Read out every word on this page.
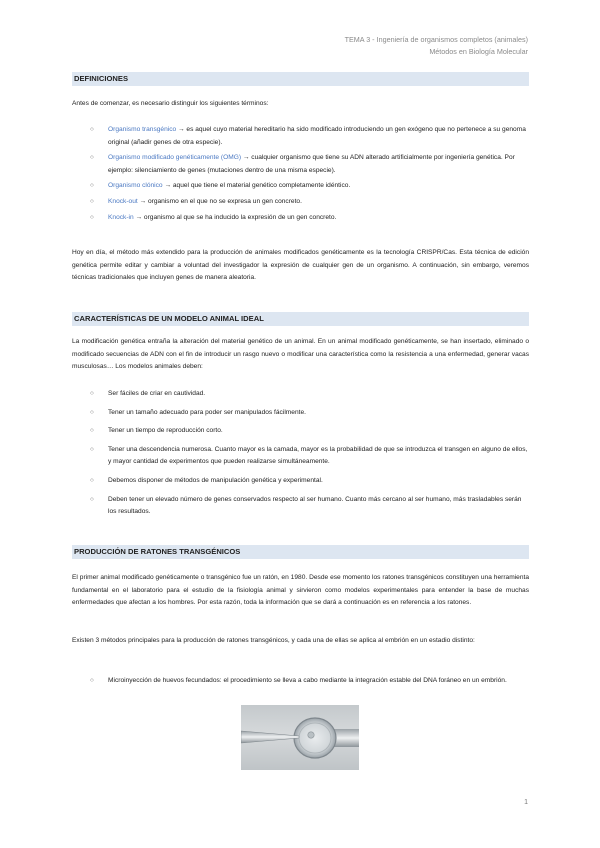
TEMA 3 - Ingeniería de organismos completos (animales)
Métodos en Biología Molecular
DEFINICIONES
Antes de comenzar, es necesario distinguir los siguientes términos:
○ Organismo transgénico → es aquel cuyo material hereditario ha sido modificado introduciendo un gen exógeno que no pertenece a su genoma original (añadir genes de otra especie).
○ Organismo modificado genéticamente (OMG) → cualquier organismo que tiene su ADN alterado artificialmente por ingeniería genética. Por ejemplo: silenciamiento de genes (mutaciones dentro de una misma especie).
○ Organismo clónico → aquel que tiene el material genético completamente idéntico.
○ Knock-out → organismo en el que no se expresa un gen concreto.
○ Knock-in → organismo al que se ha inducido la expresión de un gen concreto.
Hoy en día, el método más extendido para la producción de animales modificados genéticamente es la tecnología CRISPR/Cas. Esta técnica de edición genética permite editar y cambiar a voluntad del investigador la expresión de cualquier gen de un organismo. A continuación, sin embargo, veremos técnicas tradicionales que incluyen genes de manera aleatoria.
CARACTERÍSTICAS DE UN MODELO ANIMAL IDEAL
La modificación genética entraña la alteración del material genético de un animal. En un animal modificado genéticamente, se han insertado, eliminado o modificado secuencias de ADN con el fin de introducir un rasgo nuevo o modificar una característica como la resistencia a una enfermedad, generar vacas musculosas… Los modelos animales deben:
○ Ser fáciles de criar en cautividad.
○ Tener un tamaño adecuado para poder ser manipulados fácilmente.
○ Tener un tiempo de reproducción corto.
○ Tener una descendencia numerosa. Cuanto mayor es la camada, mayor es la probabilidad de que se introduzca el transgen en alguno de ellos, y mayor cantidad de experimentos que pueden realizarse simultáneamente.
○ Debemos disponer de métodos de manipulación genética y experimental.
○ Deben tener un elevado número de genes conservados respecto al ser humano. Cuanto más cercano al ser humano, más trasladables serán los resultados.
PRODUCCIÓN DE RATONES TRANSGÉNICOS
El primer animal modificado genéticamente o transgénico fue un ratón, en 1980. Desde ese momento los ratones transgénicos constituyen una herramienta fundamental en el laboratorio para el estudio de la fisiología animal y sirvieron como modelos experimentales para entender la base de muchas enfermedades que afectan a los hombres. Por esta razón, toda la información que se dará a continuación es en referencia a los ratones.
Existen 3 métodos principales para la producción de ratones transgénicos, y cada una de ellas se aplica al embrión en un estadio distinto:
○ Microinyección de huevos fecundados: el procedimiento se lleva a cabo mediante la integración estable del DNA foráneo en un embrión.
1
